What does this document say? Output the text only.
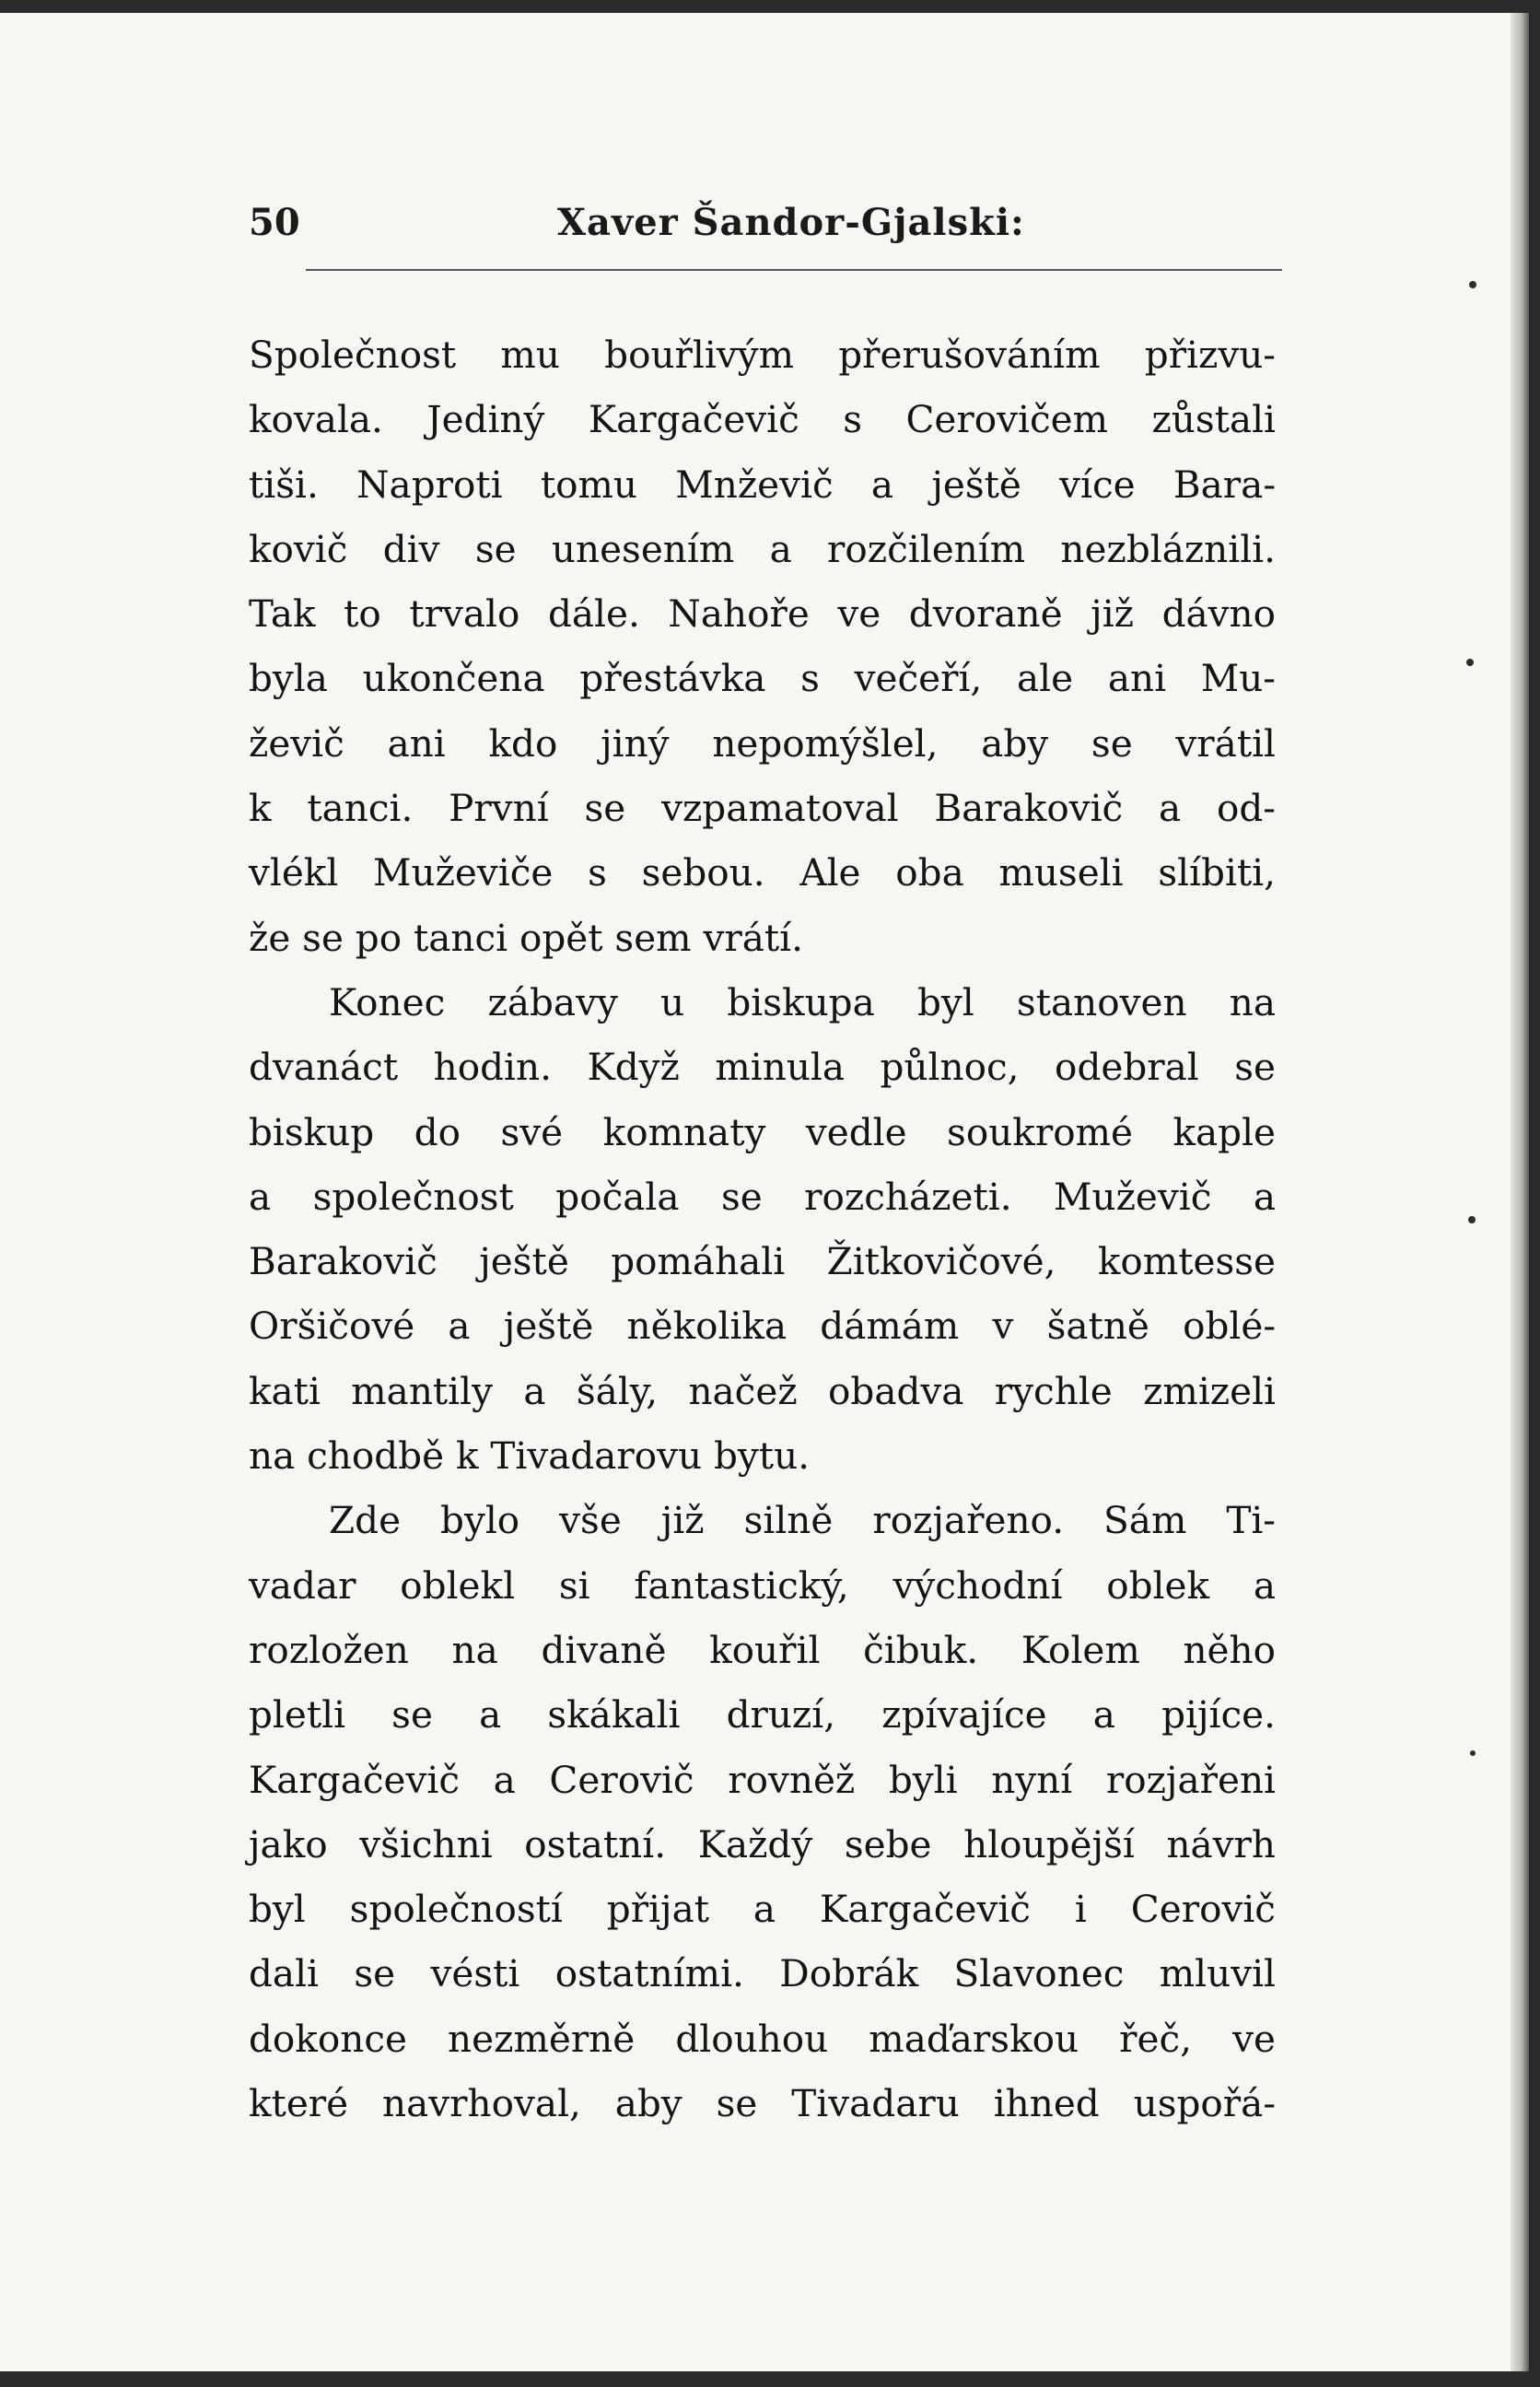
50	Xaver Šandor-Gjalski:
Společnost mu bouřlivým přerušováním přizvu-
kovala. Jediný Kargačevič s Cerovičem zůstali
tiši. Naproti tomu Mnževič a ještě více Bara-
kovič div se unesením a rozčilením nezbláznili.
Tak to trvalo dále. Nahoře ve dvoraně již dávno
byla ukončena přestávka s večeří, ale ani Mu-
ževič ani kdo jiný nepomýšlel, aby se vrátil
k tanci. První se vzpamatoval Barakovič a od-
vlékl Muževiče s sebou. Ale oba museli slíbiti,
že se po tanci opět sem vrátí.
Konec zábavy u biskupa byl stanoven na
dvanáct hodin. Když minula půlnoc, odebral se
biskup do své komnaty vedle soukromé kaple
a společnost počala se rozcházeti. Muževič a
Barakovič ještě pomáhali Žitkovičové, komtesse
Oršičové a ještě několika dámám v šatně oblé-
kati mantily a šály, načež obadva rychle zmizeli
na chodbě k Tivadarovu bytu.
Zde bylo vše již silně rozjařeno. Sám Ti-
vadar oblekl si fantastický, východní oblek a
rozložen na divaně kouřil čibuk. Kolem něho
pletli se a skákali druzí, zpívajíce a pijíce.
Kargačevič a Cerovič rovněž byli nyní rozjařeni
jako všichni ostatní. Každý sebe hloupější návrh
byl společností přijat a Kargačevič i Cerovič
dali se vésti ostatními. Dobrák Slavonec mluvil
dokonce nezměrně dlouhou maďarskou řeč, ve
které navrhoval, aby se Tivadaru ihned uspořá-
